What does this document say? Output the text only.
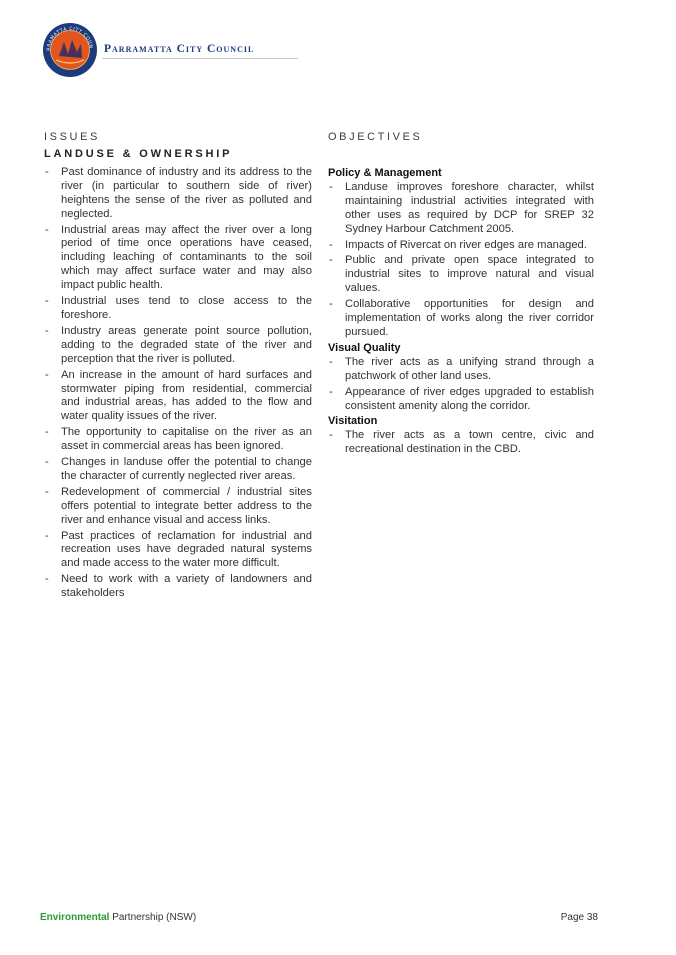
RRAMATTA CITY COUN Parramatta City Council
ISSUES
LANDUSE & OWNERSHIP
- Past dominance of industry and its address to the river (in particular to southern side of river) heightens the sense of the river as polluted and neglected.
- Industrial areas may affect the river over a long period of time once operations have ceased, including leaching of contaminants to the soil which may affect surface water and may also impact public health.
- Industrial uses tend to close access to the foreshore.
- Industry areas generate point source pollution, adding to the degraded state of the river and perception that the river is polluted.
- An increase in the amount of hard surfaces and stormwater piping from residential, commercial and industrial areas, has added to the flow and water quality issues of the river.
- The opportunity to capitalise on the river as an asset in commercial areas has been ignored.
- Changes in landuse offer the potential to change the character of currently neglected river areas.
- Redevelopment of commercial / industrial sites offers potential to integrate better address to the river and enhance visual and access links.
- Past practices of reclamation for industrial and recreation uses have degraded natural systems and made access to the water more difficult.
- Need to work with a variety of landowners and stakeholders
OBJECTIVES
Policy & Management
- Landuse improves foreshore character, whilst maintaining industrial activities integrated with other uses as required by DCP for SREP 32 Sydney Harbour Catchment 2005.
- Impacts of Rivercat on river edges are managed.
- Public and private open space integrated to industrial sites to improve natural and visual values.
- Collaborative opportunities for design and implementation of works along the river corridor pursued.
Visual Quality
- The river acts as a unifying strand through a patchwork of other land uses.
- Appearance of river edges upgraded to establish consistent amenity along the corridor.
Visitation
- The river acts as a town centre, civic and recreational destination in the CBD.
Environmental Partnership (NSW)	Page 38
